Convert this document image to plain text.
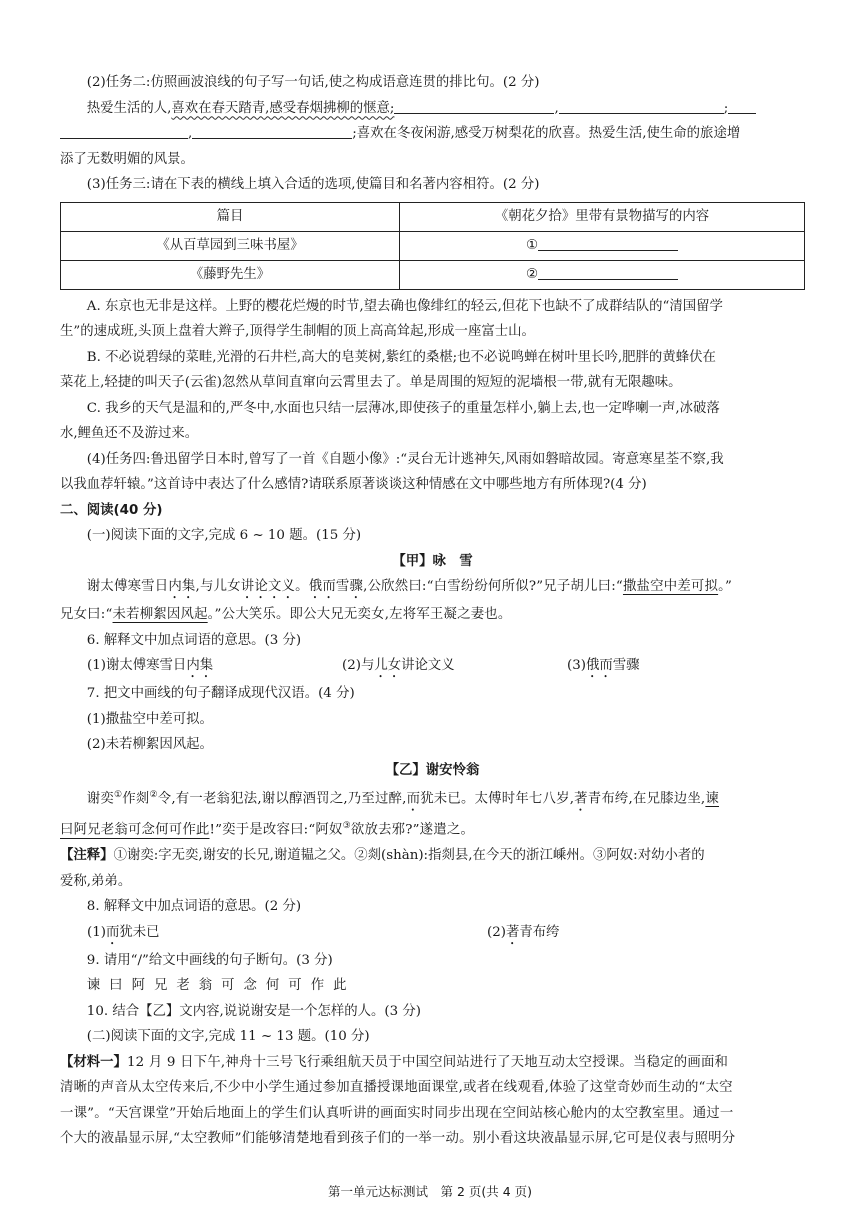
(2)任务二:仿照画波浪线的句子写一句话,使之构成语意连贯的排比句。(2 分)

热爱生活的人,喜欢在春天踏青,感受春烟拂柳的惬意;	,	;

,	;喜欢在冬夜闲游,感受万树梨花的欣喜。热爱生活,使生命的旅途增

添了无数明媚的风景。

(3)任务三:请在下表的横线上填入合适的选项,使篇目和名著内容相符。(2 分)

篇目	《朝花夕拾》里带有景物描写的内容
《从百草园到三味书屋》	①
《藤野先生》	②

A. 东京也无非是这样。上野的樱花烂熳的时节,望去确也像绯红的轻云,但花下也缺不了成群结队的“清国留学

生”的速成班,头顶上盘着大辫子,顶得学生制帽的顶上高高耸起,形成一座富士山。

B. 不必说碧绿的菜畦,光滑的石井栏,高大的皂荚树,紫红的桑椹;也不必说鸣蝉在树叶里长吟,肥胖的黄蜂伏在

菜花上,轻捷的叫天子(云雀)忽然从草间直窜向云霄里去了。单是周围的短短的泥墙根一带,就有无限趣味。

C. 我乡的天气是温和的,严冬中,水面也只结一层薄冰,即使孩子的重量怎样小,躺上去,也一定哗喇一声,冰破落

水,鲤鱼还不及游过来。

(4)任务四:鲁迅留学日本时,曾写了一首《自题小像》:“灵台无计逃神矢,风雨如磐暗故园。寄意寒星荃不察,我

以我血荐轩辕。”这首诗中表达了什么感情?请联系原著谈谈这种情感在文中哪些地方有所体现?(4 分)

二、阅读(40 分)

(一)阅读下面的文字,完成 6 ~ 10 题。(15 分)

【甲】咏　雪

谢太傅寒雪日内集,与儿女讲论文义。俄而雪骤,公欣然曰:“白雪纷纷何所似?”兄子胡儿曰:“撒盐空中差可拟。”

兄女曰:“未若柳絮因风起。”公大笑乐。即公大兄无奕女,左将军王凝之妻也。

6. 解释文中加点词语的意思。(3 分)

(1)谢太傅寒雪日内集	(2)与儿女讲论文义	(3)俄而雪骤

7. 把文中画线的句子翻译成现代汉语。(4 分)

(1)撒盐空中差可拟。

(2)未若柳絮因风起。

【乙】谢安怜翁

谢奕①作剡②令,有一老翁犯法,谢以醇酒罚之,乃至过醉,而犹未已。太傅时年七八岁,著青布绔,在兄膝边坐,谏

曰阿兄老翁可念何可作此!”奕于是改容曰:“阿奴③欲放去邪?”遂遣之。

【注释】①谢奕:字无奕,谢安的长兄,谢道韫之父。②剡(shàn):指剡县,在今天的浙江嵊州。③阿奴:对幼小者的

爱称,弟弟。

8. 解释文中加点词语的意思。(2 分)

(1)而犹未已	(2)著青布绔

9. 请用“/”给文中画线的句子断句。(3 分)

谏曰阿兄老翁可念何可作此

10. 结合【乙】文内容,说说谢安是一个怎样的人。(3 分)

(二)阅读下面的文字,完成 11 ~ 13 题。(10 分)

【材料一】12 月 9 日下午,神舟十三号飞行乘组航天员于中国空间站进行了天地互动太空授课。当稳定的画面和

清晰的声音从太空传来后,不少中小学生通过参加直播授课地面课堂,或者在线观看,体验了这堂奇妙而生动的“太空

一课”。“天宫课堂”开始后地面上的学生们认真听讲的画面实时同步出现在空间站核心舱内的太空教室里。通过一

个大的液晶显示屏,“太空教师”们能够清楚地看到孩子们的一举一动。别小看这块液晶显示屏,它可是仪表与照明分

第一单元达标测试　第 2 页(共 4 页)
